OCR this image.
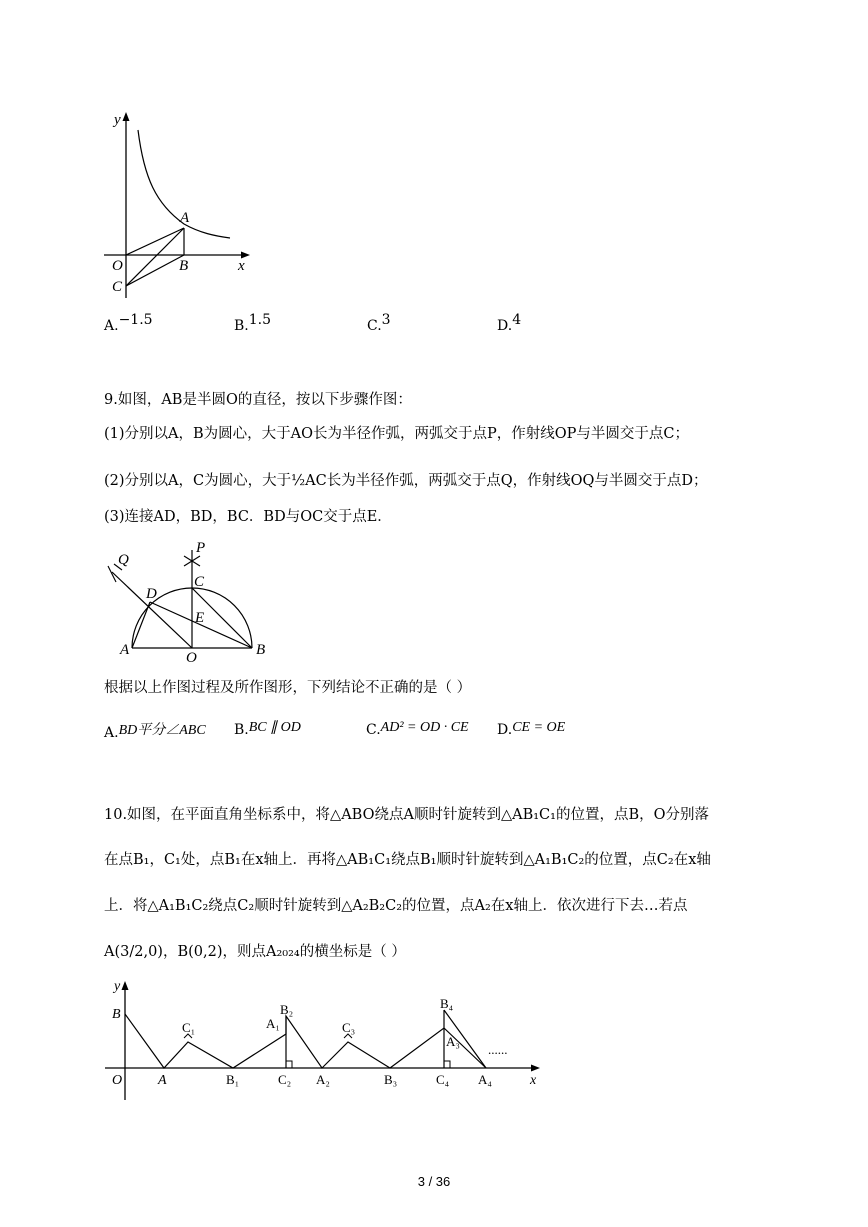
y
x
O
A
B
C
A.−1.5	B.1.5	C.3	D.4
9.如图，AB是半圆O的直径，按以下步骤作图：
(1)分别以A，B为圆心，大于AO长为半径作弧，两弧交于点P，作射线OP与半圆交于点C；
(2)分别以A，C为圆心，大于½AC长为半径作弧，两弧交于点Q，作射线OQ与半圆交于点D；
(3)连接AD，BD，BC．BD与OC交于点E．
Q
P
C
D
E
A	O	B
根据以上作图过程及所作图形，下列结论不正确的是（ ）
A.BD平分∠ABC B.BC ∥ OD	C.AD² = OD · CE D.CE = OE
10.如图，在平面直角坐标系中，将△ABO绕点A顺时针旋转到△AB₁C₁的位置，点B，O分别落
在点B₁，C₁处，点B₁在x轴上．再将△AB₁C₁绕点B₁顺时针旋转到△A₁B₁C₂的位置，点C₂在x轴
上．将△A₁B₁C₂绕点C₂顺时针旋转到△A₂B₂C₂的位置，点A₂在x轴上．依次进行下去…若点
A(3/2,0)，B(0,2)，则点A₂₀₂₄的横坐标是（ ）
y
x
O
B
A
C₁
B₁
A₁
B₂
C₂
C₃
A₂	B₃
B₄
A₃
C₄ A₄
......
3 / 36
